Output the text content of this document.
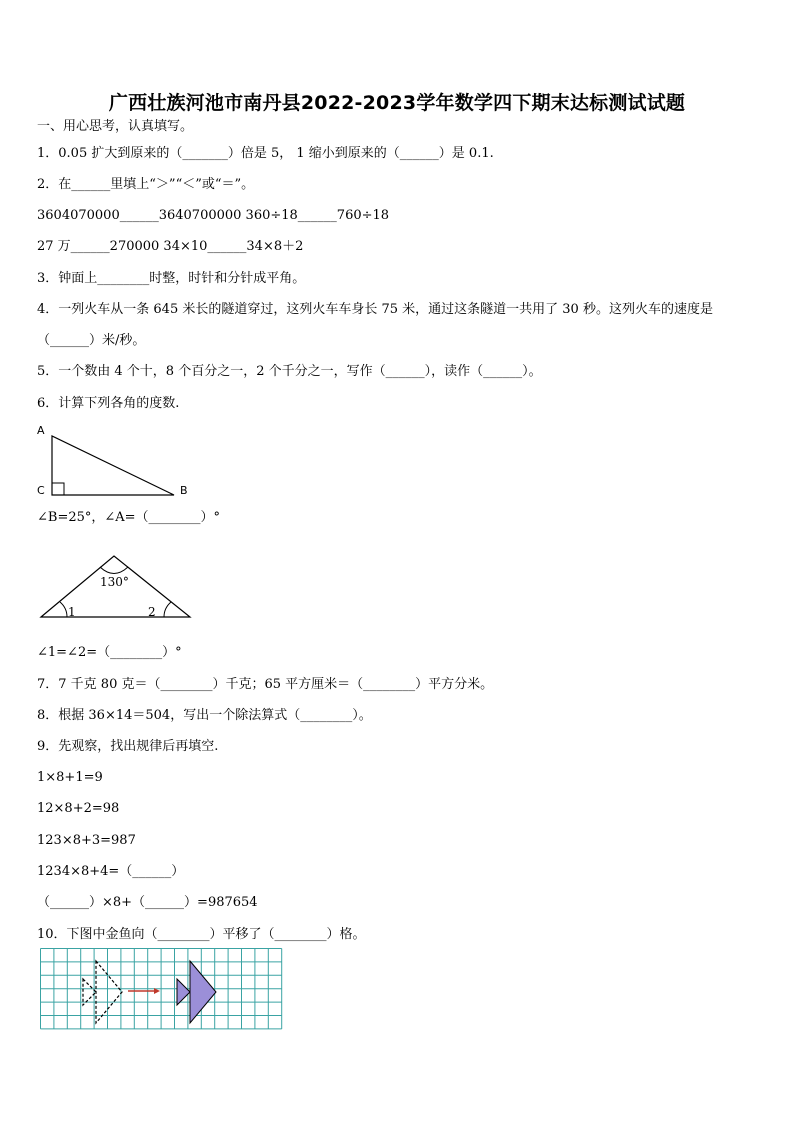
广西壮族河池市南丹县2022-2023学年数学四下期末达标测试试题
一、用心思考，认真填写。
1．0.05 扩大到原来的（_______）倍是 5， 1 缩小到原来的（______）是 0.1.
2．在______里填上“＞”“＜”或“＝”。
3604070000______3640700000 360÷18______760÷18
27 万______270000 34×10______34×8＋2
3．钟面上________时整，时针和分针成平角。
4．一列火车从一条 645 米长的隧道穿过，这列火车车身长 75 米，通过这条隧道一共用了 30 秒。这列火车的速度是
（______）米/秒。
5．一个数由 4 个十，8 个百分之一，2 个千分之一，写作（______），读作（______）。
6．计算下列各角的度数.
A
C	B
∠B=25°，∠A=（________）°
130°
1	2
∠1=∠2=（________）°
7．7 千克 80 克＝（________）千克；65 平方厘米＝（________）平方分米。
8．根据 36×14＝504，写出一个除法算式（________）。
9．先观察，找出规律后再填空.
1×8+1=9
12×8+2=98
123×8+3=987
1234×8+4=（______）
（______）×8+（______）=987654
10．下图中金鱼向（________）平移了（________）格。
